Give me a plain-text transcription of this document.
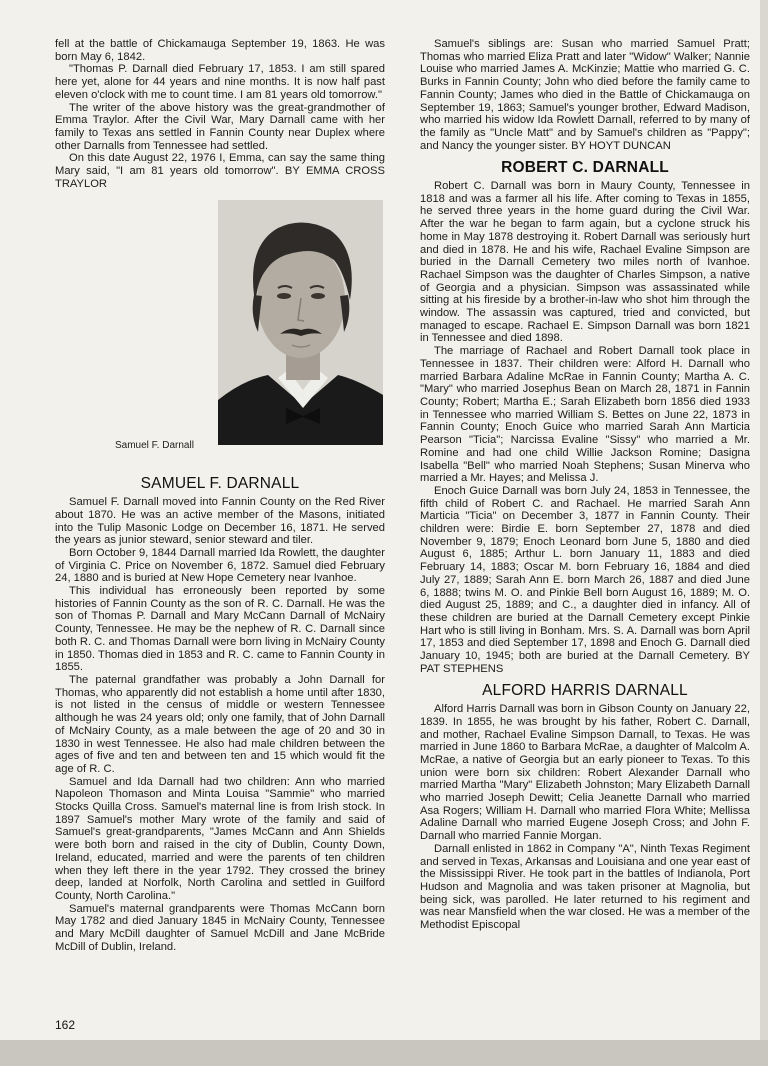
fell at the battle of Chickamauga September 19, 1863. He was born May 6, 1842.

"Thomas P. Darnall died February 17, 1853. I am still spared here yet, alone for 44 years and nine months. It is now half past eleven o'clock with me to count time. I am 81 years old tomorrow."

The writer of the above history was the great-grandmother of Emma Traylor. After the Civil War, Mary Darnall came with her family to Texas ans settled in Fannin County near Duplex where other Darnalls from Tennessee had settled.

On this date August 22, 1976 I, Emma, can say the same thing Mary said, "I am 81 years old tomorrow". BY EMMA CROSS TRAYLOR

Samuel F. Darnall
SAMUEL F. DARNALL

Samuel F. Darnall moved into Fannin County on the Red River about 1870. He was an active member of the Masons, initiated into the Tulip Masonic Lodge on December 16, 1871. He served the years as junior steward, senior steward and tiler.

Born October 9, 1844 Darnall married Ida Rowlett, the daughter of Virginia C. Price on November 6, 1872. Samuel died February 24, 1880 and is buried at New Hope Cemetery near Ivanhoe.

This individual has erroneously been reported by some histories of Fannin County as the son of R. C. Darnall. He was the son of Thomas P. Darnall and Mary McCann Darnall of McNairy County, Tennessee. He may be the nephew of R. C. Darnall since both R. C. and Thomas Darnall were born living in McNairy County in 1850. Thomas died in 1853 and R. C. came to Fannin County in 1855.

The paternal grandfather was probably a John Darnall for Thomas, who apparently did not establish a home until after 1830, is not listed in the census of middle or western Tennessee although he was 24 years old; only one family, that of John Darnall of McNairy County, as a male between the age of 20 and 30 in 1830 in west Tennessee. He also had male children between the ages of five and ten and between ten and 15 which would fit the age of R. C.

Samuel and Ida Darnall had two children: Ann who married Napoleon Thomason and Minta Louisa "Sammie" who married Stocks Quilla Cross. Samuel's maternal line is from Irish stock. In 1897 Samuel's mother Mary wrote of the family and said of Samuel's great-grandparents, "James McCann and Ann Shields were both born and raised in the city of Dublin, County Down, Ireland, educated, married and were the parents of ten children when they left there in the year 1792. They crossed the briney deep, landed at Norfolk, North Carolina and settled in Guilford County, North Carolina."

Samuel's maternal grandparents were Thomas McCann born May 1782 and died January 1845 in McNairy County, Tennessee and Mary McDill daughter of Samuel McDill and Jane McBride McDill of Dublin, Ireland.

Samuel's siblings are: Susan who married Samuel Pratt; Thomas who married Eliza Pratt and later "Widow" Walker; Nannie Louise who married James A. McKinzie; Mattie who married G. C. Burks in Fannin County; John who died before the family came to Fannin County; James who died in the Battle of Chickamauga on September 19, 1863; Samuel's younger brother, Edward Madison, who married his widow Ida Rowlett Darnall, referred to by many of the family as "Uncle Matt" and by Samuel's children as "Pappy"; and Nancy the younger sister. BY HOYT DUNCAN

ROBERT C. DARNALL

Robert C. Darnall was born in Maury County, Tennessee in 1818 and was a farmer all his life. After coming to Texas in 1855, he served three years in the home guard during the Civil War. After the war he began to farm again, but a cyclone struck his home in May 1878 destroying it. Robert Darnall was seriously hurt and died in 1878. He and his wife, Rachael Evaline Simpson are buried in the Darnall Cemetery two miles north of Ivanhoe. Rachael Simpson was the daughter of Charles Simpson, a native of Georgia and a physician. Simpson was assassinated while sitting at his fireside by a brother-in-law who shot him through the window. The assassin was captured, tried and convicted, but managed to escape. Rachael E. Simpson Darnall was born 1821 in Tennessee and died 1898.

The marriage of Rachael and Robert Darnall took place in Tennessee in 1837. Their children were: Alford H. Darnall who married Barbara Adaline McRae in Fannin County; Martha A. C. "Mary" who married Josephus Bean on March 28, 1871 in Fannin County; Robert; Martha E.; Sarah Elizabeth born 1856 died 1933 in Tennessee who married William S. Bettes on June 22, 1873 in Fannin County; Enoch Guice who married Sarah Ann Marticia Pearson "Ticia"; Narcissa Evaline "Sissy" who married a Mr. Romine and had one child Willie Jackson Romine; Dasigna Isabella "Bell" who married Noah Stephens; Susan Minerva who married a Mr. Hayes; and Melissa J.

Enoch Guice Darnall was born July 24, 1853 in Tennessee, the fifth child of Robert C. and Rachael. He married Sarah Ann Marticia "Ticia" on December 3, 1877 in Fannin County. Their children were: Birdie E. born September 27, 1878 and died November 9, 1879; Enoch Leonard born June 5, 1880 and died August 6, 1885; Arthur L. born January 11, 1883 and died February 14, 1883; Oscar M. born February 16, 1884 and died July 27, 1889; Sarah Ann E. born March 26, 1887 and died June 6, 1888; twins M. O. and Pinkie Bell born August 16, 1889; M. O. died August 25, 1889; and C., a daughter died in infancy. All of these children are buried at the Darnall Cemetery except Pinkie Hart who is still living in Bonham. Mrs. S. A. Darnall was born April 17, 1853 and died September 17, 1898 and Enoch G. Darnall died January 10, 1945; both are buried at the Darnall Cemetery. BY PAT STEPHENS

ALFORD HARRIS DARNALL

Alford Harris Darnall was born in Gibson County on January 22, 1839. In 1855, he was brought by his father, Robert C. Darnall, and mother, Rachael Evaline Simpson Darnall, to Texas. He was married in June 1860 to Barbara McRae, a daughter of Malcolm A. McRae, a native of Georgia but an early pioneer to Texas. To this union were born six children: Robert Alexander Darnall who married Martha "Mary" Elizabeth Johnston; Mary Elizabeth Darnall who married Joseph Dewitt; Celia Jeanette Darnall who married Asa Rogers; William H. Darnall who married Flora White; Mellissa Adaline Darnall who married Eugene Joseph Cross; and John F. Darnall who married Fannie Morgan.

Darnall enlisted in 1862 in Company "A", Ninth Texas Regiment and served in Texas, Arkansas and Louisiana and one year east of the Mississippi River. He took part in the battles of Indianola, Port Hudson and Magnolia and was taken prisoner at Magnolia, but being sick, was parolled. He later returned to his regiment and was near Mansfield when the war closed. He was a member of the Methodist Episcopal

162
